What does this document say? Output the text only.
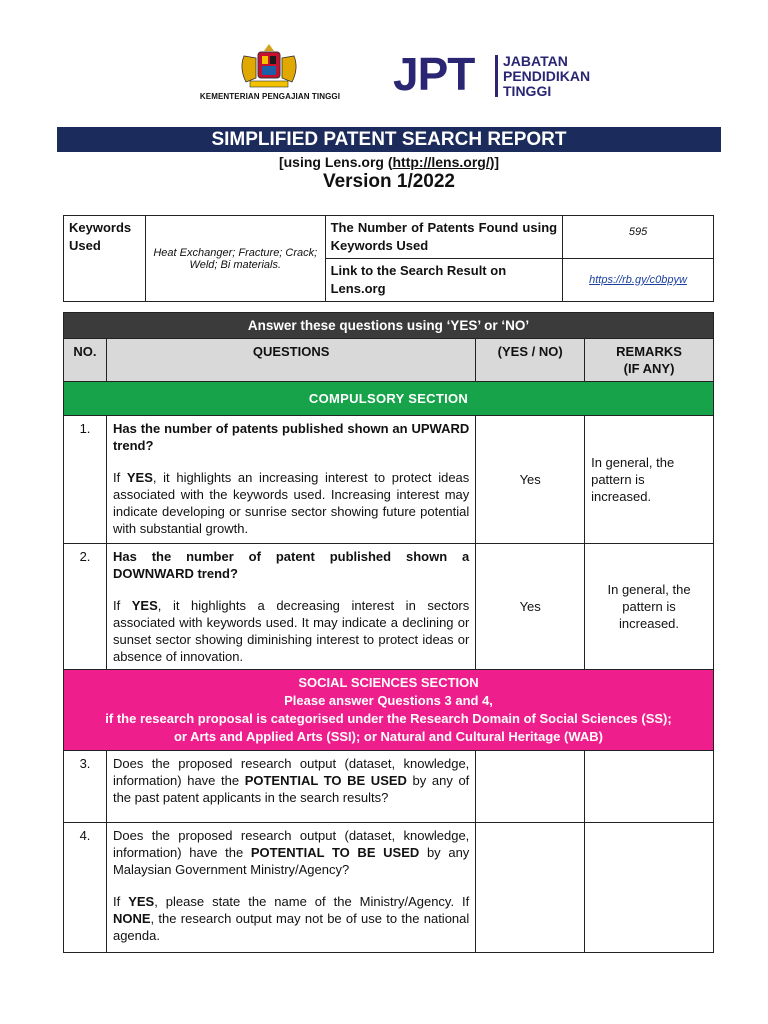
KEMENTERIAN PENGAJIAN TINGGI JPT JABATAN
PENDIDIKAN
TINGGI
SIMPLIFIED PATENT SEARCH REPORT
[using Lens.org (http://lens.org/)]
Version 1/2022
Keywords Used	Heat Exchanger; Fracture; Crack; Weld; Bi materials.	The Number of Patents Found using Keywords Used	595
		Link to the Search Result on Lens.org	https://rb.gy/c0bpyw
Answer these questions using ‘YES’ or ‘NO’			
NO.	QUESTIONS	(YES / NO)	REMARKS
(IF ANY)

COMPULSORY SECTION			
1.	Has the number of patents published shown an UPWARD trend?

If YES, it highlights an increasing interest to protect ideas associated with the keywords used. Increasing interest may indicate developing or sunrise sector showing future potential with substantial growth.	Yes	In general, the pattern is increased.
2.	Has the number of patent published shown a DOWNWARD trend?

If YES, it highlights a decreasing interest in sectors associated with keywords used. It may indicate a declining or sunset sector showing diminishing interest to protect ideas or absence of innovation.	Yes	In general, the pattern is increased.

SOCIAL SCIENCES SECTION
Please answer Questions 3 and 4,
if the research proposal is categorised under the Research Domain of Social Sciences (SS);
or Arts and Applied Arts (SSI); or Natural and Cultural Heritage (WAB)			

3.	Does the proposed research output (dataset, knowledge, information) have the POTENTIAL TO BE USED by any of the past patent applicants in the search results?		

4.	Does the proposed research output (dataset, knowledge, information) have the POTENTIAL TO BE USED by any Malaysian Government Ministry/Agency?

If YES, please state the name of the Ministry/Agency. If NONE, the research output may not be of use to the national agenda.		
